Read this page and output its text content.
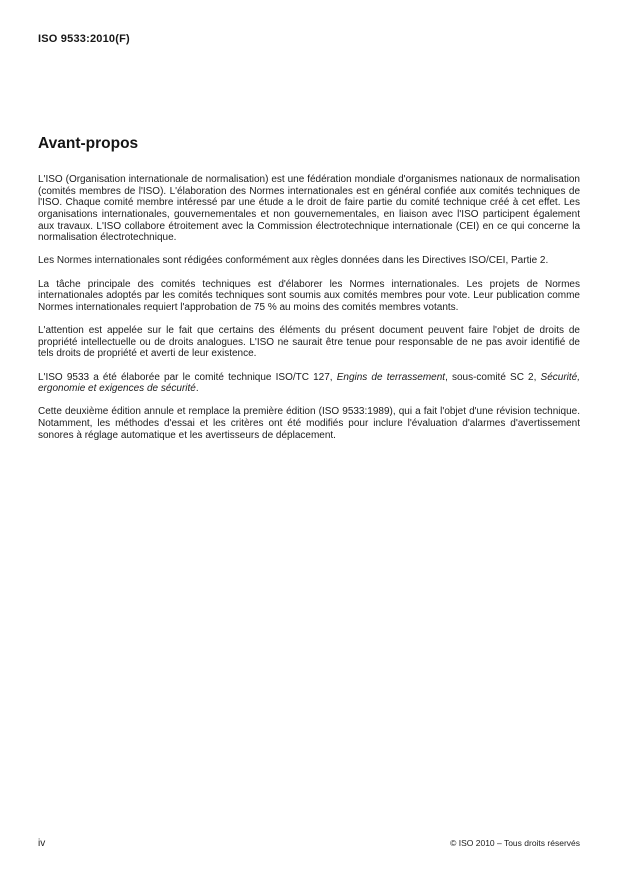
ISO 9533:2010(F)
Avant-propos

L'ISO (Organisation internationale de normalisation) est une fédération mondiale d'organismes nationaux de normalisation (comités membres de l'ISO). L'élaboration des Normes internationales est en général confiée aux comités techniques de l'ISO. Chaque comité membre intéressé par une étude a le droit de faire partie du comité technique créé à cet effet. Les organisations internationales, gouvernementales et non gouvernementales, en liaison avec l'ISO participent également aux travaux. L'ISO collabore étroitement avec la Commission électrotechnique internationale (CEI) en ce qui concerne la normalisation électrotechnique.

Les Normes internationales sont rédigées conformément aux règles données dans les Directives ISO/CEI, Partie 2.

La tâche principale des comités techniques est d'élaborer les Normes internationales. Les projets de Normes internationales adoptés par les comités techniques sont soumis aux comités membres pour vote. Leur publication comme Normes internationales requiert l'approbation de 75 % au moins des comités membres votants.

L'attention est appelée sur le fait que certains des éléments du présent document peuvent faire l'objet de droits de propriété intellectuelle ou de droits analogues. L'ISO ne saurait être tenue pour responsable de ne pas avoir identifié de tels droits de propriété et averti de leur existence.

L'ISO 9533 a été élaborée par le comité technique ISO/TC 127, Engins de terrassement, sous-comité SC 2, Sécurité, ergonomie et exigences de sécurité.

Cette deuxième édition annule et remplace la première édition (ISO 9533:1989), qui a fait l'objet d'une révision technique. Notamment, les méthodes d'essai et les critères ont été modifiés pour inclure l'évaluation d'alarmes d'avertissement sonores à réglage automatique et les avertisseurs de déplacement.

iv	© ISO 2010 – Tous droits réservés
